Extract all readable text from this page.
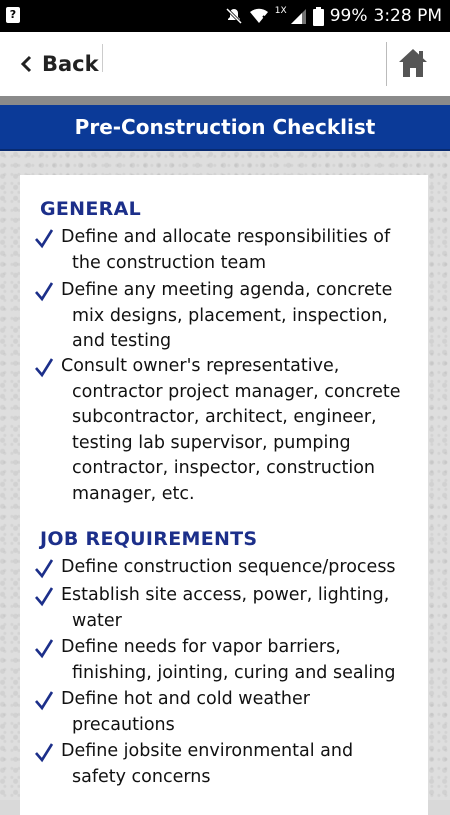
?	1X	99% 3:28 PM
Back
Pre-Construction Checklist
GENERAL
Define and allocate responsibilities of
the construction team
Define any meeting agenda, concrete
mix designs, placement, inspection,
and testing
Consult owner's representative,
contractor project manager, concrete
subcontractor, architect, engineer,
testing lab supervisor, pumping
contractor, inspector, construction
manager, etc.
JOB REQUIREMENTS
Define construction sequence/process
Establish site access, power, lighting,
water
Define needs for vapor barriers,
finishing, jointing, curing and sealing
Define hot and cold weather
precautions
Define jobsite environmental and
safety concerns
